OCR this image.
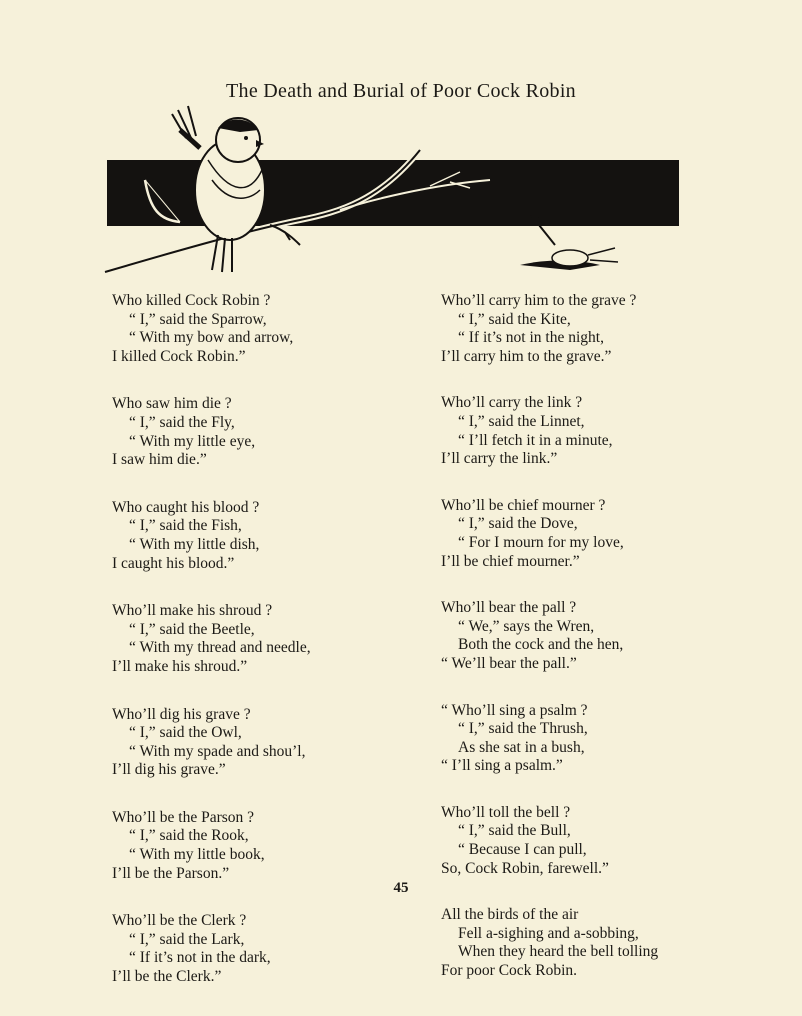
The Death and Burial of Poor Cock Robin
Who killed Cock Robin ?
“ I,” said the Sparrow,
“ With my bow and arrow,
I killed Cock Robin.”
Who saw him die ?
“ I,” said the Fly,
“ With my little eye,
I saw him die.”
Who caught his blood ?
“ I,” said the Fish,
“ With my little dish,
I caught his blood.”
Who’ll make his shroud ?
“ I,” said the Beetle,
“ With my thread and needle,
I’ll make his shroud.”
Who’ll dig his grave ?
“ I,” said the Owl,
“ With my spade and shou’l,
I’ll dig his grave.”
Who’ll be the Parson ?
“ I,” said the Rook,
“ With my little book,
I’ll be the Parson.”
Who’ll be the Clerk ?
“ I,” said the Lark,
“ If it’s not in the dark,
I’ll be the Clerk.”
Who’ll carry him to the grave ?
“ I,” said the Kite,
“ If it’s not in the night,
I’ll carry him to the grave.”
Who’ll carry the link ?
“ I,” said the Linnet,
“ I’ll fetch it in a minute,
I’ll carry the link.”
Who’ll be chief mourner ?
“ I,” said the Dove,
“ For I mourn for my love,
I’ll be chief mourner.”
Who’ll bear the pall ?
“ We,” says the Wren,
Both the cock and the hen,
“ We’ll bear the pall.”
“ Who’ll sing a psalm ?
“ I,” said the Thrush,
As she sat in a bush,
“ I’ll sing a psalm.”
Who’ll toll the bell ?
“ I,” said the Bull,
“ Because I can pull,
So, Cock Robin, farewell.”
All the birds of the air
Fell a-sighing and a-sobbing,
When they heard the bell tolling
For poor Cock Robin.
45
